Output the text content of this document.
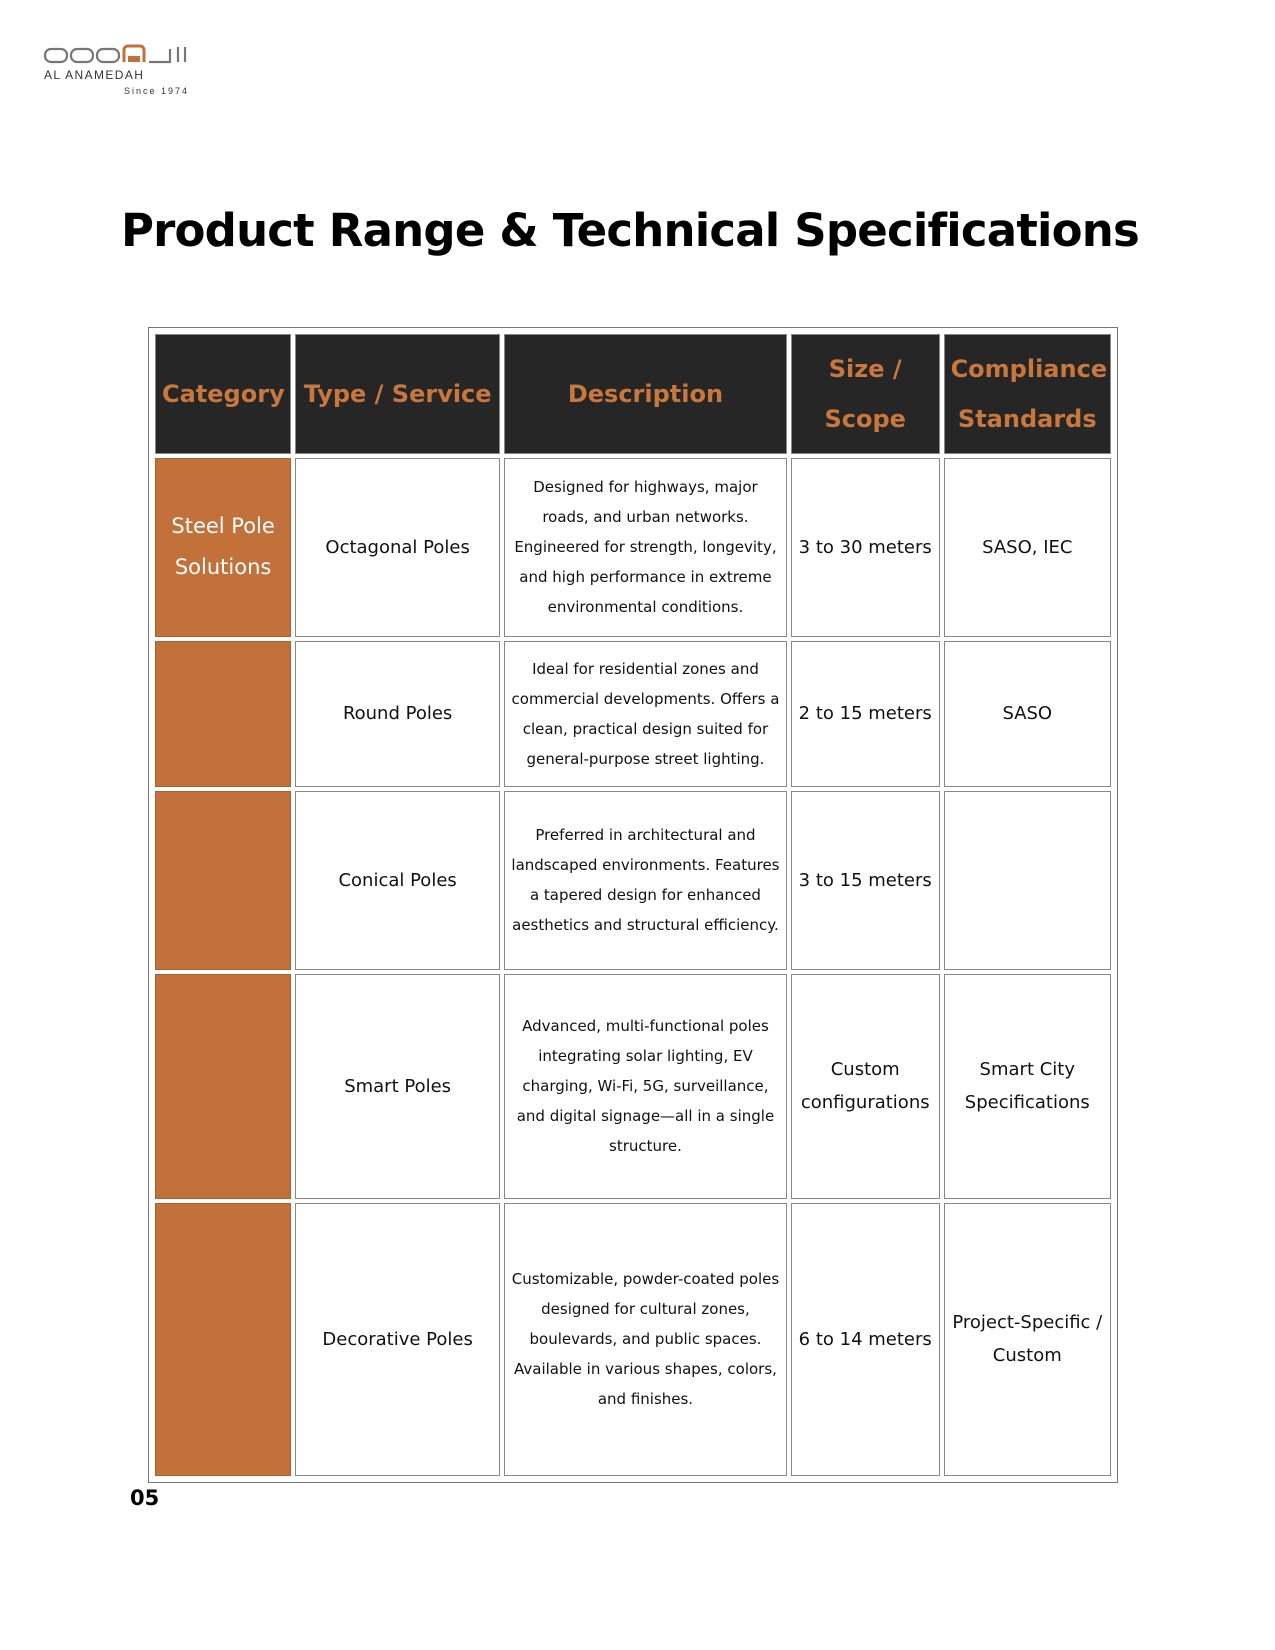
AL ANAMEDAH
Since 1974
Product Range & Technical Specifications
Category	Type / Service	Description	Size / Scope	Compliance Standards
Steel Pole Solutions	Octagonal Poles	Designed for highways, major roads, and urban networks. Engineered for strength, longevity, and high performance in extreme environmental conditions.	3 to 30 meters	SASO, IEC
	Round Poles	Ideal for residential zones and commercial developments. Offers a clean, practical design suited for general-purpose street lighting.	2 to 15 meters	SASO
	Conical Poles	Preferred in architectural and landscaped environments. Features a tapered design for enhanced aesthetics and structural efficiency.	3 to 15 meters	
	Smart Poles	Advanced, multi-functional poles integrating solar lighting, EV charging, Wi-Fi, 5G, surveillance, and digital signage—all in a single structure.	Custom configurations	Smart City Specifications
	Decorative Poles	Customizable, powder-coated poles designed for cultural zones, boulevards, and public spaces. Available in various shapes, colors, and finishes.	6 to 14 meters	Project-Specific / Custom
05
